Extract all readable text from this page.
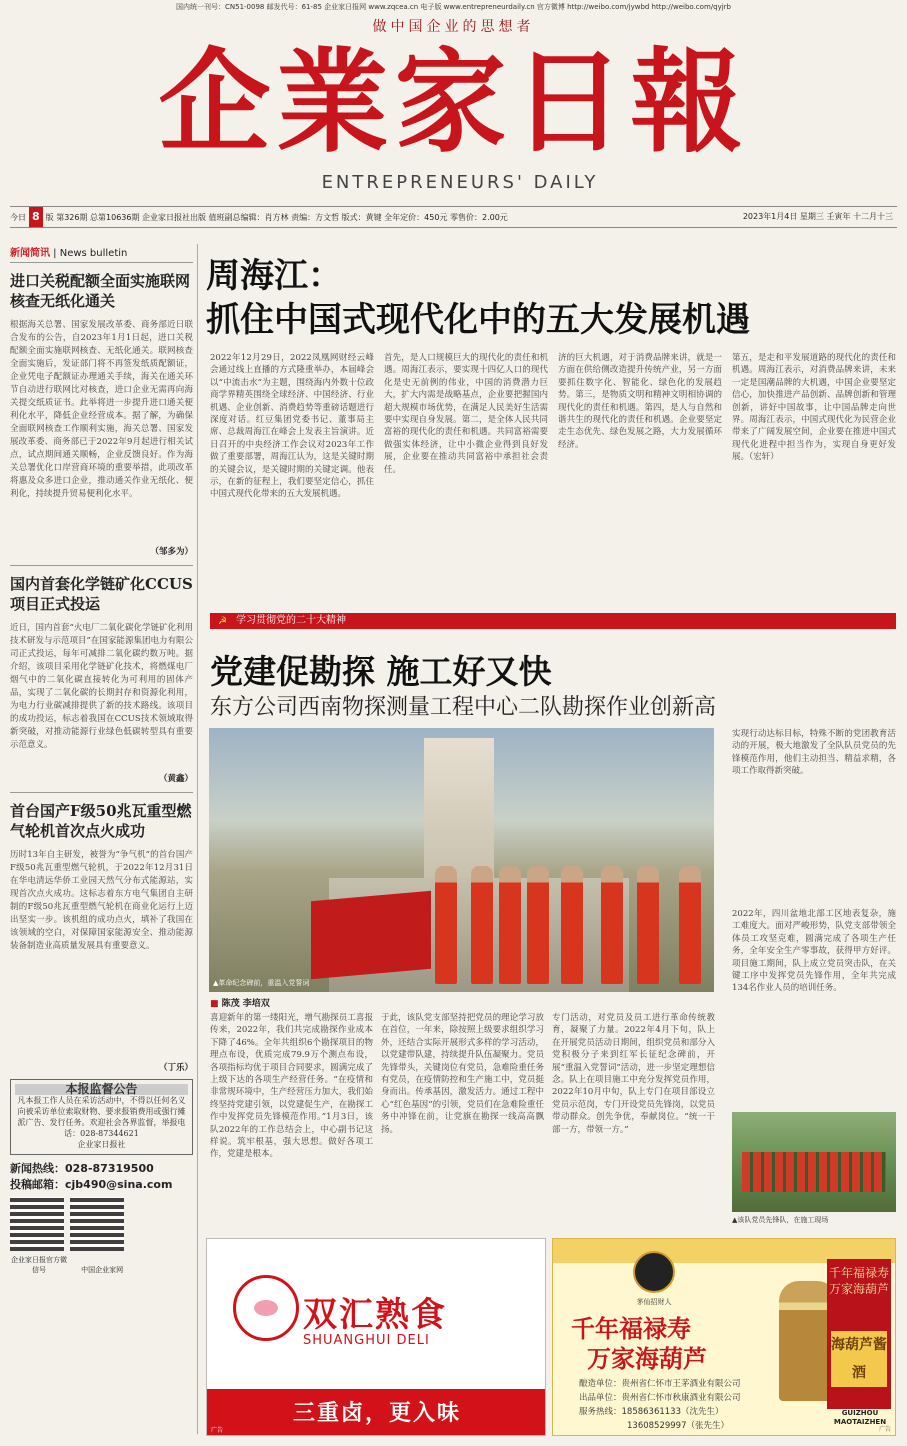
国内统一刊号：CN51-0098 邮发代号：61-85 企业家日报网 www.zqcea.cn 电子版 www.entrepreneurdaily.cn 官方微博 http://weibo.com/jywbd http://weibo.com/qyjrb
做中国企业的思想者
企業家日報
ENTREPRENEURS' DAILY
今日 8 版 第326期 总第10636期 企业家日报社出版 值班副总编辑：肖方林 责编：方文哲 版式：黄键 全年定价：450元 零售价：2.00元	2023年1月4日 星期三 壬寅年 十二月十三
新闻简讯 | News bulletin
进口关税配额全面实施联网核查无纸化通关
根据海关总署、国家发展改革委、商务部近日联合发布的公告，自2023年1月1日起，进口关税配额全面实施联网核查、无纸化通关。联网核查全面实施后，发证部门将不再签发纸质配额证，企业凭电子配额证办理通关手续，海关在通关环节自动进行联网比对核查，进口企业无需再向海关提交纸质证书。此举将进一步提升进口通关便利化水平，降低企业经营成本。据了解，为确保全面联网核查工作顺利实施，海关总署、国家发展改革委、商务部已于2022年9月起进行相关试点，试点期间通关顺畅，企业反馈良好。作为海关总署优化口岸营商环境的重要举措，此项改革将惠及众多进口企业，推动通关作业无纸化、便利化，持续提升贸易便利化水平。
（邹多为）
国内首套化学链矿化CCUS项目正式投运
近日，国内首套“火电厂二氧化碳化学链矿化利用技术研发与示范项目”在国家能源集团电力有限公司正式投运，每年可减排二氧化碳约数万吨。据介绍，该项目采用化学链矿化技术，将燃煤电厂烟气中的二氧化碳直接转化为可利用的固体产品，实现了二氧化碳的长期封存和资源化利用，为电力行业碳减排提供了新的技术路线。该项目的成功投运，标志着我国在CCUS技术领域取得新突破，对推动能源行业绿色低碳转型具有重要示范意义。
（黄鑫）
首台国产F级50兆瓦重型燃气轮机首次点火成功
历时13年自主研发，被誉为“争气机”的首台国产F级50兆瓦重型燃气轮机，于2022年12月31日在华电清远华侨工业园天然气分布式能源站，实现首次点火成功。这标志着东方电气集团自主研制的F级50兆瓦重型燃气轮机在商业化运行上迈出坚实一步。该机组的成功点火，填补了我国在该领域的空白，对保障国家能源安全、推动能源装备制造业高质量发展具有重要意义。
（丁乐）
本报监督公告
凡本报工作人员在采访活动中，不得以任何名义向被采访单位索取财物、要求报销费用或强行摊派广告、发行任务。欢迎社会各界监督，举报电话：028-87344621
企业家日报社
新闻热线：028-87319500
投稿邮箱：cjb490@sina.com
企业家日报官方微信号	中国企业家网
周海江：
抓住中国式现代化中的五大发展机遇
2022年12月29日，2022凤凰网财经云峰会通过线上直播的方式隆重举办，本届峰会以“中流击水”为主题，围绕海内外数十位政商学界精英围绕全球经济、中国经济、行业机遇、企业创新、消费趋势等重磅话题进行深度对话。红豆集团党委书记、董事局主席、总裁周海江在峰会上发表主旨演讲。近日召开的中央经济工作会议对2023年工作做了重要部署，周海江认为，这是关键时期的关键会议，是关键时期的关键定调。他表示，在新的征程上，我们要坚定信心，抓住中国式现代化带来的五大发展机遇。
首先，是人口规模巨大的现代化的责任和机遇。周海江表示，要实现十四亿人口的现代化是史无前例的伟业，中国的消费潜力巨大，扩大内需是战略基点，企业要把握国内超大规模市场优势，在满足人民美好生活需要中实现自身发展。第二，是全体人民共同富裕的现代化的责任和机遇。共同富裕需要做强实体经济，让中小微企业得到良好发展，企业要在推动共同富裕中承担社会责任。
济的巨大机遇，对于消费品牌来讲，就是一方面在供给侧改造提升传统产业，另一方面要抓住数字化、智能化、绿色化的发展趋势。第三，是物质文明和精神文明相协调的现代化的责任和机遇。第四，是人与自然和谐共生的现代化的责任和机遇。企业要坚定走生态优先、绿色发展之路，大力发展循环经济。
第五，是走和平发展道路的现代化的责任和机遇。周海江表示，对消费品牌来讲，未来一定是国潮品牌的大机遇，中国企业要坚定信心，加快推进产品创新、品牌创新和管理创新，讲好中国故事，让中国品牌走向世界。周海江表示，中国式现代化为民营企业带来了广阔发展空间，企业要在推进中国式现代化进程中担当作为，实现自身更好发展。（宏轩）
☭ 学习贯彻党的二十大精神
党建促勘探 施工好又快
东方公司西南物探测量工程中心二队勘探作业创新高
▲革命纪念碑前，重温入党誓词
■ 陈茂 李培双
喜迎新年的第一缕阳光，增气勘探员工喜报传来，2022年，我们共完成勘探作业成本下降了46%。全年共组织6个勘探项目的物理点布设，优质完成79.9万个测点布设，各项指标均优于项目合同要求，圆满完成了上级下达的各项生产经营任务。“在疫情和非常规环境中，生产经营压力加大，我们始终坚持党建引领，以党建促生产，在勘探工作中发挥党员先锋模范作用。”1月3日，该队2022年的工作总结会上，中心副书记这样说。筑牢根基，强大思想。做好各项工作，党建是根本。
于此，该队党支部坚持把党员的理论学习放在首位，一年来，除按照上级要求组织学习外，还结合实际开展形式多样的学习活动，以党建带队建，持续提升队伍凝聚力。党员先锋带头，关键岗位有党员，急难险重任务有党员，在疫情防控和生产施工中，党员挺身而出。传承基因，激发活力。通过工程中心“红色基因”的引领，党员们在急难险重任务中冲锋在前，让党旗在勘探一线高高飘扬。
专门活动，对党员及员工进行革命传统教育，凝聚了力量。2022年4月下旬，队上在开展党员活动日期间，组织党员和部分入党积极分子来到红军长征纪念碑前，开展“重温入党誓词”活动，进一步坚定理想信念。队上在项目施工中充分发挥党员作用，2022年10月中旬，队上专门在项目部设立党员示范岗，专门开设党员先锋岗，以党员带动群众。创先争优，奉献岗位。“统一干部一方，带领一方。”
实现行动达标目标，特殊不断的党团教育活动的开展，极大地激发了全队队员党员的先锋模范作用，他们主动担当、精益求精，各项工作取得新突破。
2022年，四川盆地北部工区地表复杂，施工难度大。面对严峻形势，队党支部带领全体员工攻坚克难，圆满完成了各项生产任务，全年安全生产零事故，获得甲方好评。项目施工期间，队上成立党员突击队，在关键工序中发挥党员先锋作用，全年共完成134名作业人员的培训任务。
▲该队党员先锋队，在施工现场
双汇熟食
SHUANGHUI DELI
三重卤，更入味
广告
茅仙招财人
千年福禄寿
万家海葫芦
酿造单位：贵州省仁怀市王茅酒业有限公司
出品单位：贵州省仁怀市秋康酒业有限公司
服务热线：18586361133（沈先生）
13608529997（张先生）
千年福禄寿 万家海葫芦
海葫芦酱酒
GUIZHOU MAOTAIZHEN
广告
